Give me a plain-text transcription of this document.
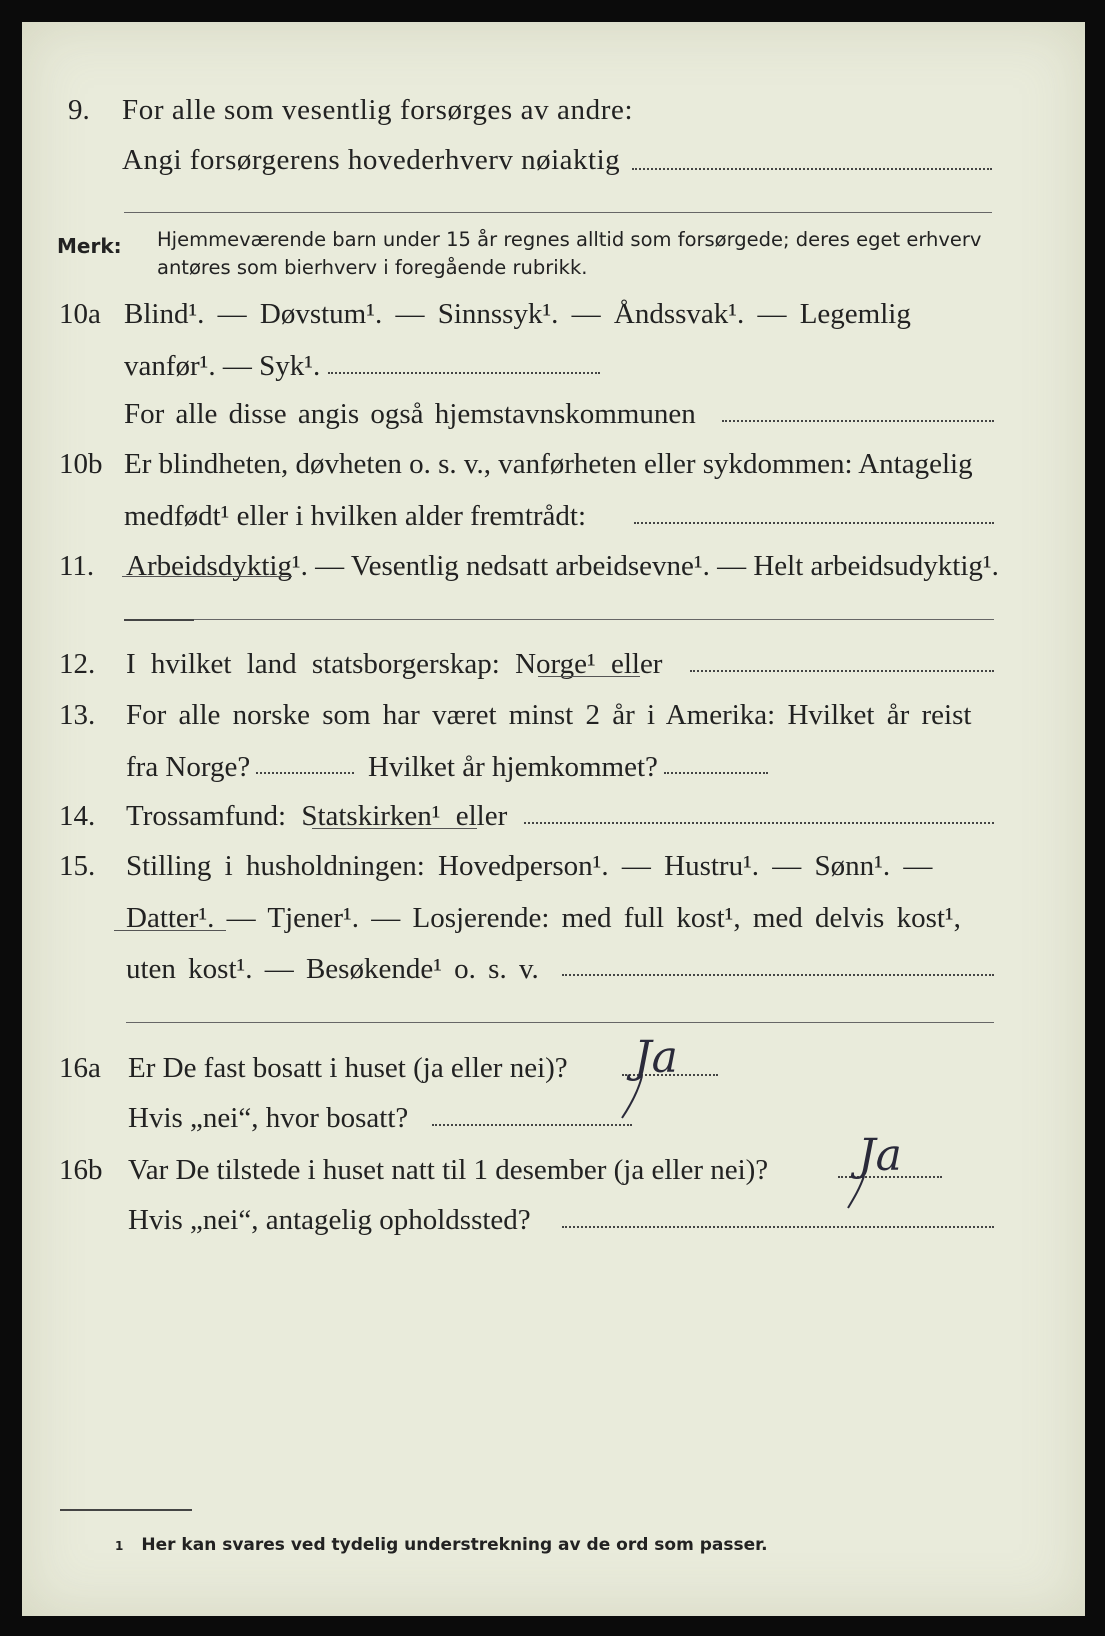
9. For alle som vesentlig forsørges av andre:
Angi forsørgerens hovederhverv nøiaktig
Merk: Hjemmeværende barn under 15 år regnes alltid som forsørgede; deres eget erhverv
antøres som bierhverv i foregående rubrikk.
10a Blind¹. — Døvstum¹. — Sinnssyk¹. — Åndssvak¹. — Legemlig
vanfør¹. — Syk¹.
For alle disse angis også hjemstavnskommunen
10b Er blindheten, døvheten o. s. v., vanførheten eller sykdommen: Antagelig
medfødt¹ eller i hvilken alder fremtrådt:
11. Arbeidsdyktig¹. — Vesentlig nedsatt arbeidsevne¹. — Helt arbeidsudyktig¹.
12. I hvilket land statsborgerskap: Norge¹ eller
13. For alle norske som har været minst 2 år i Amerika: Hvilket år reist
fra Norge?	Hvilket år hjemkommet?
14. Trossamfund: Statskirken¹ eller
15. Stilling i husholdningen: Hovedperson¹. — Hustru¹. — Sønn¹. —
Datter¹. — Tjener¹. — Losjerende: med full kost¹, med delvis kost¹,
uten kost¹. — Besøkende¹ o. s. v.
16a Er De fast bosatt i huset (ja eller nei)? Ja
Hvis „nei“, hvor bosatt?
16b Var De tilstede i huset natt til 1 desember (ja eller nei)? Ja
Hvis „nei“, antagelig opholdssted?
1 Her kan svares ved tydelig understrekning av de ord som passer.
